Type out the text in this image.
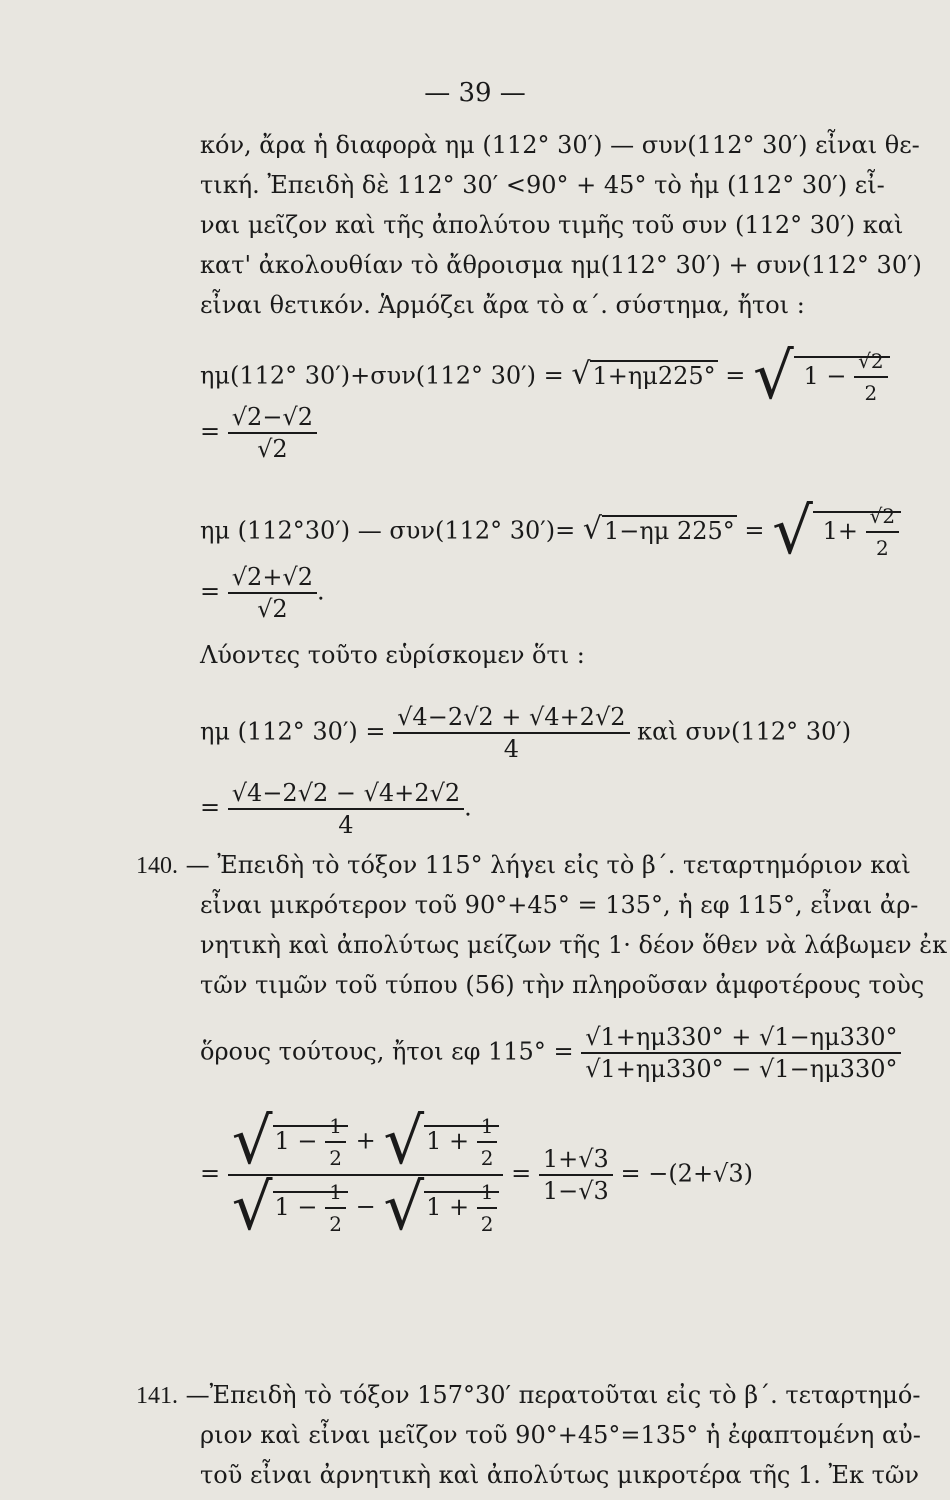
— 39 —
κόν, ἄρα ἡ διαφορὰ ημ (112° 30′) — συν(112° 30′) εἶναι θε-
τική. Ἐπειδὴ δὲ 112° 30′ <90° + 45° τὸ ἡμ (112° 30′) εἶ-
ναι μεῖζον καὶ τῆς ἀπολύτου τιμῆς τοῦ συν (112° 30′) καὶ
κατ' ἀκολουθίαν τὸ ἄθροισμα ημ(112° 30′) + συν(112° 30′)
εἶναι θετικόν. Ἁρμόζει ἄρα τὸ α΄. σύστημα, ἤτοι :
ημ(112° 30′)+συν(112° 30′) = √1+ημ225° = √ $1 - \frac{√2}{2}$
= $\frac{√2-√2}{√2}$
ημ (112°30′) — συν(112° 30′)= √1−ημ 225° = √ $1+ \frac{√2}{2}$
= $\frac{√2+√2}{√2}$ .
Λύοντες τοῦτο εὑρίσκομεν ὅτι :
ημ (112° $30') = \frac{√4-2√2 + √4+2√2}{4}$ καὶ συν(112° 30′)
= $\frac{√4-2√2 - √4+2√2}{4}$ .
140. — Ἐπειδὴ τὸ τόξον 115° λήγει εἰς τὸ β΄. τεταρτημόριον καὶ
εἶναι μικρότερον τοῦ 90°+45° = 135°, ἡ εφ 115°, εἶναι ἀρ-
νητικὴ καὶ ἀπολύτως μείζων τῆς 1· δέον ὅθεν νὰ λάβωμεν ἐκ
τῶν τιμῶν τοῦ τύπου (56) τὴν πληροῦσαν ἀμφοτέρους τοὺς
ὅρους τούτους, ἤτοι εφ $115^\circ = \frac{√1+\eta\mu 330^\circ + √1-\eta\mu 330^\circ}{√1+\eta\mu 330^\circ - √1-\eta\mu 330^\circ}$
= $\frac{√1 - \frac{1}{2} + √1 + \frac{1}{2}}{√1 - \frac{1}{2} - √1 + \frac{1}{2}} = \frac{1+√3}{1-√3} = -(2+√3)$
141. —Ἐπειδὴ τὸ τόξον 157°30′ περατοῦται εἰς τὸ β΄. τεταρτημό-
ριον καὶ εἶναι μεῖζον τοῦ 90°+45°=135° ἡ ἐφαπτομένη αὐ-
τοῦ εἶναι ἀρνητικὴ καὶ ἀπολύτως μικροτέρα τῆς 1. Ἐκ τῶν
